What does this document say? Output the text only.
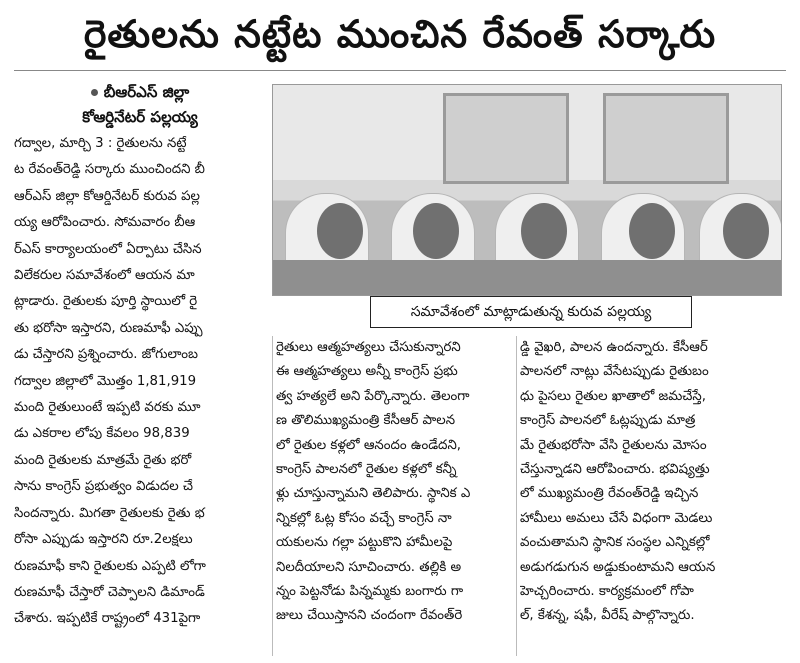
రైతులను నట్టేట ముంచిన రేవంత్ సర్కారు
బీఆర్ఎస్ జిల్లా
కోఆర్డినేటర్ పల్లయ్య

గద్వాల, మార్చి 3 : రైతులను నట్టే

ట రేవంత్‌రెడ్డి సర్కారు ముంచిందని బీ

ఆర్ఎస్ జిల్లా కోఆర్డినేటర్ కురువ పల్ల

య్య ఆరోపించారు. సోమవారం బీఆ

ర్ఎస్ కార్యాలయంలో ఏర్పాటు చేసిన

విలేకరుల సమావేశంలో ఆయన మా

ట్లాడారు. రైతులకు పూర్తి స్థాయిలో రై

తు భరోసా ఇస్తారని, రుణమాఫీ ఎప్పు

డు చేస్తారని ప్రశ్నించారు. జోగులాంబ

గద్వాల జిల్లాలో మొత్తం 1,81,919

మంది రైతులుంటే ఇప్పటి వరకు మూ

డు ఎకరాల లోపు కేవలం 98,839

మంది రైతులకు మాత్రమే రైతు భరో

సాను కాంగ్రెస్ ప్రభుత్వం విడుదల చే

సిందన్నారు. మిగతా రైతులకు రైతు భ

రోసా ఎప్పుడు ఇస్తారని రూ.2లక్షలు

రుణమాఫీ కాని రైతులకు ఎప్పటి లోగా

రుణమాఫీ చేస్తారో చెప్పాలని డిమాండ్

చేశారు. ఇప్పటికే రాష్ట్రంలో 431పైగా

సమావేశంలో మాట్లాడుతున్న కురువ పల్లయ్య

రైతులు ఆత్మహత్యలు చేసుకున్నారని

ఈ ఆత్మహత్యలు అన్నీ కాంగ్రెస్ ప్రభు

త్వ హత్యలే అని పేర్కొన్నారు. తెలంగా

ణ తొలిముఖ్యమంత్రి కేసీఆర్ పాలన

లో రైతుల కళ్లలో ఆనందం ఉండేదని,

కాంగ్రెస్ పాలనలో రైతుల కళ్లలో కన్నీ

ళ్లు చూస్తున్నామని తెలిపారు. స్థానిక ఎ

న్నికల్లో ఓట్ల కోసం వచ్చే కాంగ్రెస్ నా

యకులను గల్లా పట్టుకొని హామీలపై

నిలదీయాలని సూచించారు. తల్లికి అ

న్నం పెట్టనోడు పిన్నమ్మకు బంగారు గా

జులు చేయిస్తానని చందంగా రేవంత్‌రె

డ్డి వైఖరి, పాలన ఉందన్నారు. కేసీఆర్

పాలనలో నాట్లు వేసేటప్పుడు రైతుబం

ధు పైసలు రైతుల ఖాతాలో జమచేస్తే,

కాంగ్రెస్ పాలనలో ఓట్లప్పుడు మాత్ర

మే రైతుభరోసా వేసి రైతులను మోసం

చేస్తున్నాడని ఆరోపించారు. భవిష్యత్తు

లో ముఖ్యమంత్రి రేవంత్‌రెడ్డి ఇచ్చిన

హామీలు అమలు చేసే విధంగా మెడలు

వంచుతామని స్థానిక సంస్థల ఎన్నికల్లో

అడుగడుగున అడ్డుకుంటామని ఆయన

హెచ్చరించారు. కార్యక్రమంలో గోపా

ల్, కేశన్న, షఫీ, వీరేష్ పాల్గొన్నారు.
